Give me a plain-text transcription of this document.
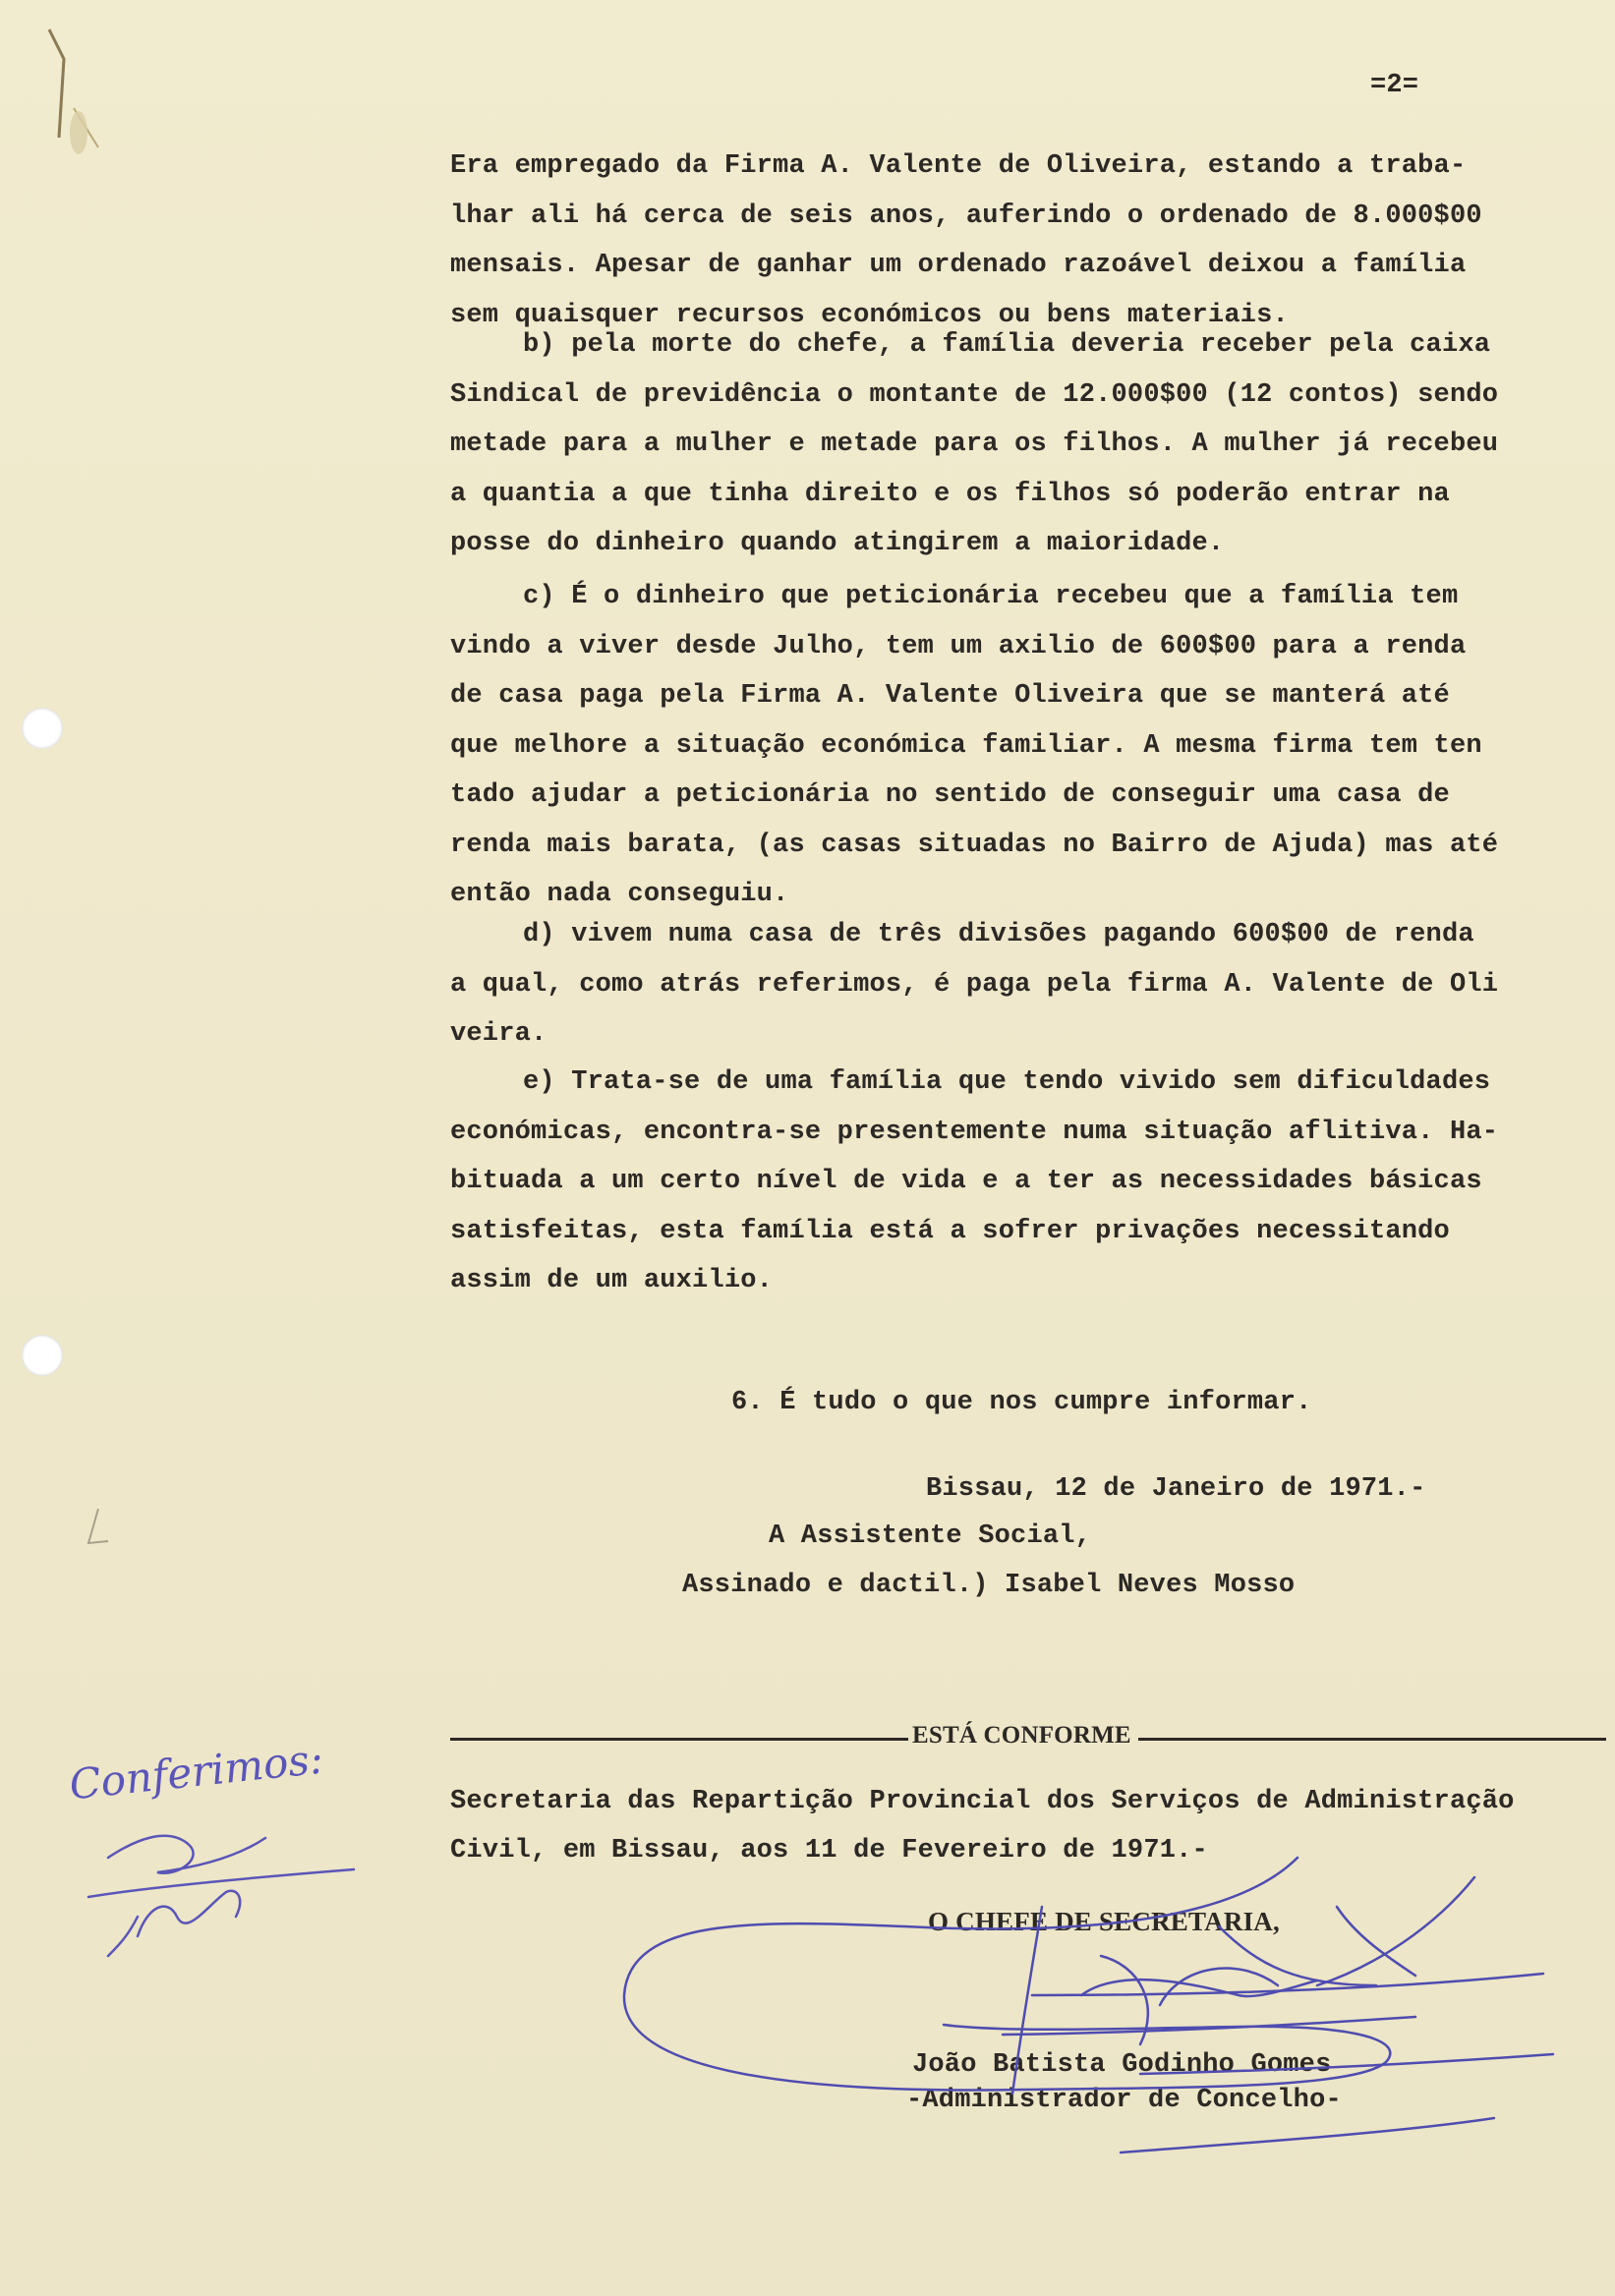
=2=
Era empregado da Firma A. Valente de Oliveira, estando a traba-
lhar ali há cerca de seis anos, auferindo o ordenado de 8.000$00
mensais. Apesar de ganhar um ordenado razoável deixou a família
sem quaisquer recursos económicos ou bens materiais.
b) pela morte do chefe, a família deveria receber pela caixa
Sindical de previdência o montante de 12.000$00 (12 contos) sendo
metade para a mulher e metade para os filhos. A mulher já recebeu
a quantia a que tinha direito e os filhos só poderão entrar na
posse do dinheiro quando atingirem a maioridade.
c) É o dinheiro que peticionária recebeu que a família tem
vindo a viver desde Julho, tem um axilio de 600$00 para a renda
de casa paga pela Firma A. Valente Oliveira que se manterá até
que melhore a situação económica familiar. A mesma firma tem ten
tado ajudar a peticionária no sentido de conseguir uma casa de
renda mais barata, (as casas situadas no Bairro de Ajuda) mas até
então nada conseguiu.
d) vivem numa casa de três divisões pagando 600$00 de renda
a qual, como atrás referimos, é paga pela firma A. Valente de Oli
veira.
e) Trata-se de uma família que tendo vivido sem dificuldades
económicas, encontra-se presentemente numa situação aflitiva. Ha-
bituada a um certo nível de vida e a ter as necessidades básicas
satisfeitas, esta família está a sofrer privações necessitando
assim de um auxilio.
6. É tudo o que nos cumpre informar.
Bissau, 12 de Janeiro de 1971.-
A Assistente Social,
Assinado e dactil.) Isabel Neves Mosso
ESTÁ CONFORME
Secretaria das Repartição Provincial dos Serviços de Administração
Civil, em Bissau, aos 11 de Fevereiro de 1971.-
O CHEFE DE SECRETARIA,
João Batista Godinho Gomes
-Administrador de Concelho-
Conferimos:
